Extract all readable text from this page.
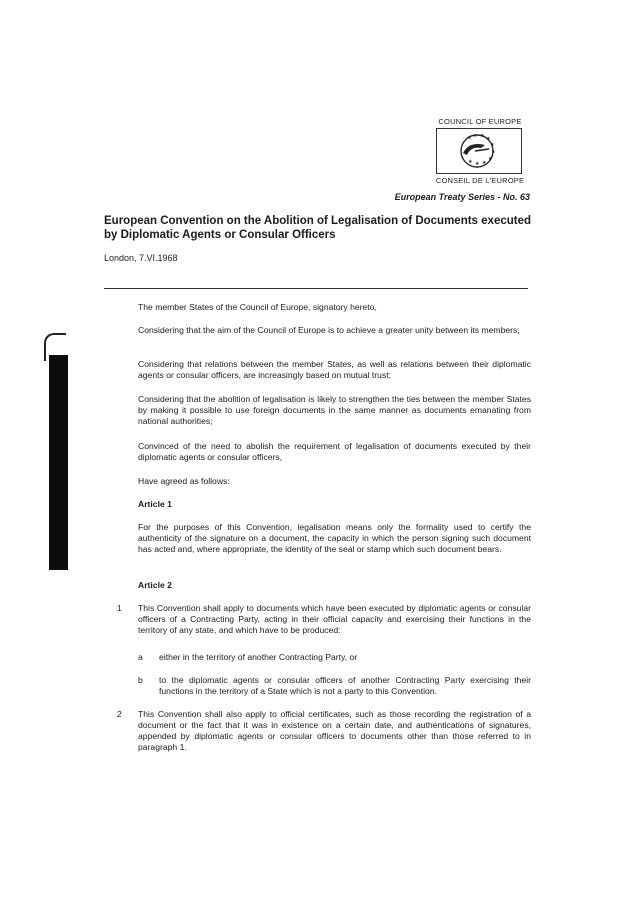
COUNCIL OF EUROPE
★ ★ ★ ★
★
★
★
★
★
★
CONSEIL DE L'EUROPE
European Treaty Series - No. 63
European Convention on the Abolition of Legalisation of Documents executed by Diplomatic Agents or Consular Officers
London, 7.VI.1968

The member States of the Council of Europe, signatory hereto,

Considering that the aim of the Council of Europe is to achieve a greater unity between its members;

Considering that relations between the member States, as well as relations between their diplomatic agents or consular officers, are increasingly based on mutual trust;

Considering that the abolition of legalisation is likely to strengthen the ties between the member States by making it possible to use foreign documents in the same manner as documents emanating from national authorities;

Convinced of the need to abolish the requirement of legalisation of documents executed by their diplomatic agents or consular officers,

Have agreed as follows:

Article 1

For the purposes of this Convention, legalisation means only the formality used to certify the authenticity of the signature on a document, the capacity in which the person signing such document has acted and, where appropriate, the identity of the seal or stamp which such document bears.

Article 2
1 This Convention shall apply to documents which have been executed by diplomatic agents or consular officers of a Contracting Party, acting in their official capacity and exercising their functions in the territory of any state, and which have to be produced:

a either in the territory of another Contracting Party, or
b to the diplomatic agents or consular officers of another Contracting Party exercising their functions in the territory of a State which is not a party to this Convention.
2 This Convention shall also apply to official certificates, such as those recording the registration of a document or the fact that it was in existence on a certain date, and authentications of signatures, appended by diplomatic agents or consular officers to documents other than those referred to in paragraph 1.
